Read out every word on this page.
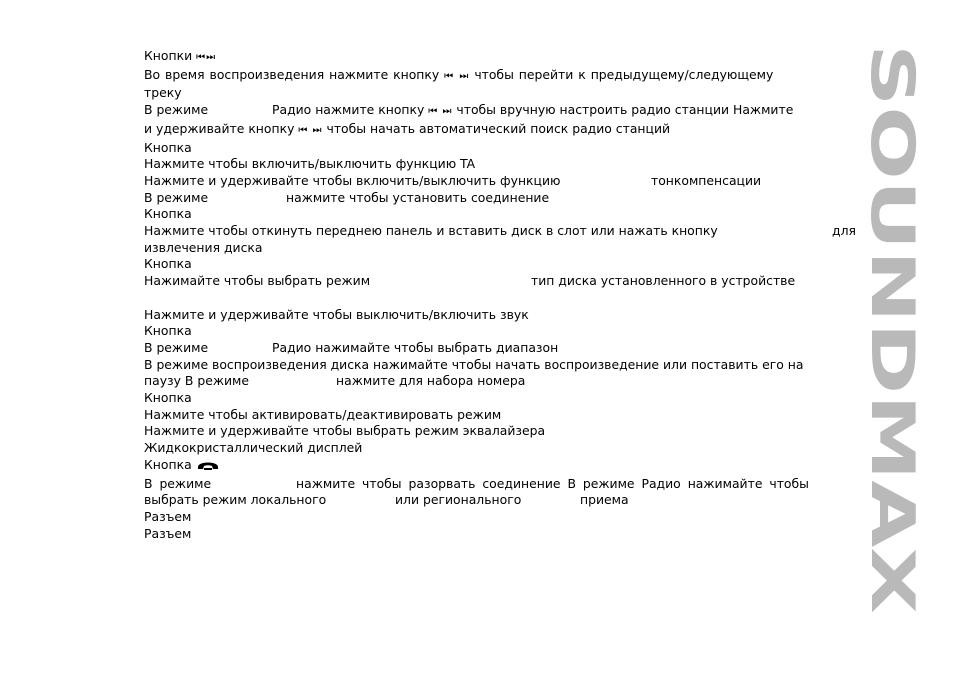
Кнопки ⏮⏭

Во время воспроизведения нажмите кнопку ⏮ ⏭ чтобы перейти к предыдущему/следующему

треку

В режиме	Радио нажмите кнопку ⏮ ⏭ чтобы вручную настроить радио станции Нажмите

и удерживайте кнопку ⏮ ⏭ чтобы начать автоматический поиск радио станций

Кнопка

Нажмите чтобы включить/выключить функцию TA

Нажмите и удерживайте чтобы включить/выключить функцию	тонкомпенсации

В режиме	нажмите чтобы установить соединение

Кнопка

Нажмите чтобы откинуть переднею панель и вставить диск в слот или нажать кнопку	для

извлечения диска

Кнопка

Нажимайте чтобы выбрать режим	тип диска установленного в устройстве

Нажмите и удерживайте чтобы выключить/включить звук

Кнопка

В режиме	Радио нажимайте чтобы выбрать диапазон

В режиме воспроизведения диска нажимайте чтобы начать воспроизведение или поставить его на

паузу В режиме	нажмите для набора номера

Кнопка

Нажмите чтобы активировать/деактивировать режим

Нажмите и удерживайте чтобы выбрать режим эквалайзера

Жидкокристаллический дисплей

Кнопка

В режиме	нажмите чтобы разорвать соединение В режиме Радио нажимайте чтобы

выбрать режим локального	или регионального	приема

Разъем

Разъем

SOUNDMAX
